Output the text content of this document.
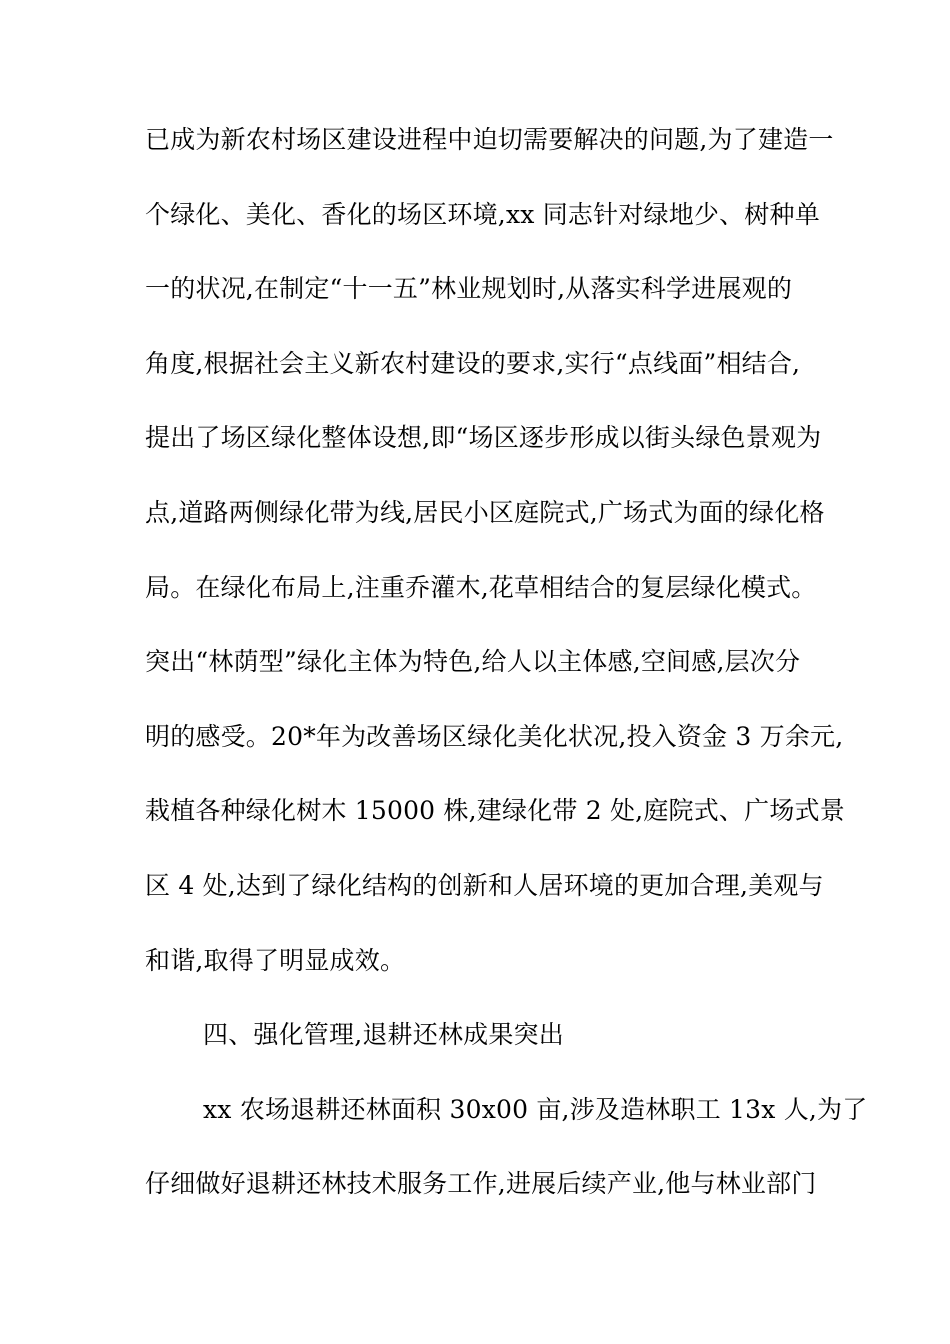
已成为新农村场区建设进程中迫切需要解决的问题,为了建造一
个绿化、美化、香化的场区环境,xx 同志针对绿地少、树种单
一的状况,在制定“十一五”林业规划时,从落实科学进展观的
角度,根据社会主义新农村建设的要求,实行“点线面”相结合,
提出了场区绿化整体设想,即“场区逐步形成以街头绿色景观为
点,道路两侧绿化带为线,居民小区庭院式,广场式为面的绿化格
局。在绿化布局上,注重乔灌木,花草相结合的复层绿化模式。
突出“林荫型”绿化主体为特色,给人以主体感,空间感,层次分
明的感受。20*年为改善场区绿化美化状况,投入资金 3 万余元,
栽植各种绿化树木 15000 株,建绿化带 2 处,庭院式、广场式景
区 4 处,达到了绿化结构的创新和人居环境的更加合理,美观与
和谐,取得了明显成效。
四、强化管理,退耕还林成果突出
xx 农场退耕还林面积 30x00 亩,涉及造林职工 13x 人,为了
仔细做好退耕还林技术服务工作,进展后续产业,他与林业部门
